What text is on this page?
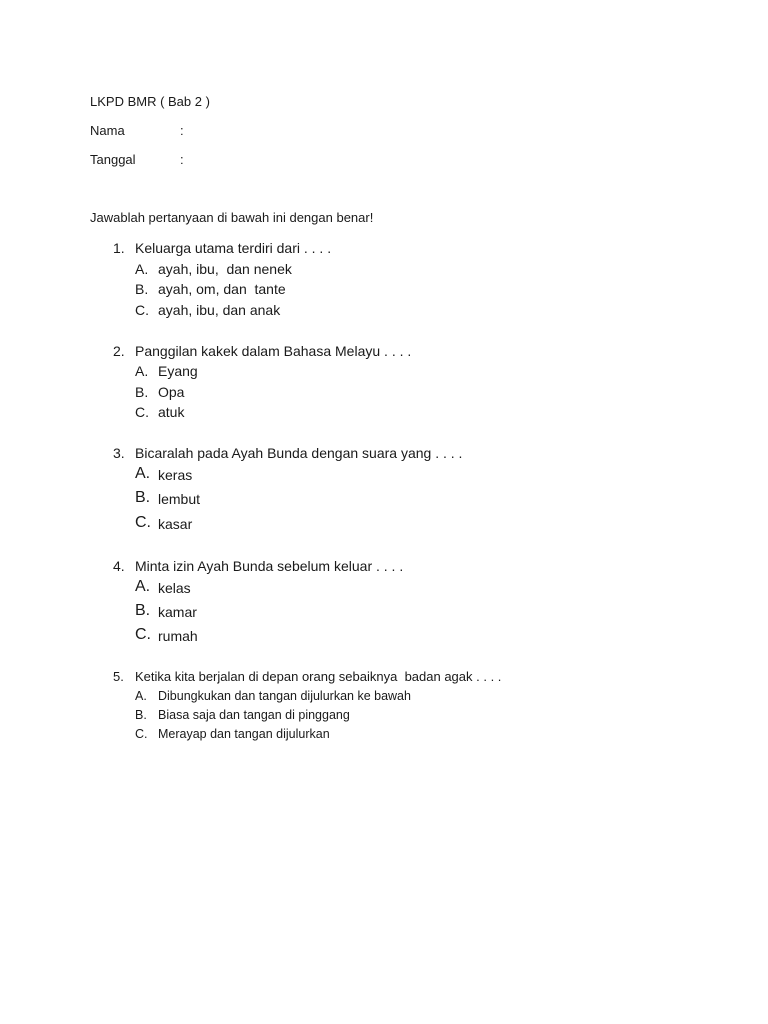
LKPD BMR ( Bab 2 )
Nama	:
Tanggal	:
Jawablah pertanyaan di bawah ini dengan benar!
1. Keluarga utama terdiri dari . . . .
A. ayah, ibu,  dan nenek
B. ayah, om, dan  tante
C. ayah, ibu, dan anak
2. Panggilan kakek dalam Bahasa Melayu . . . .
A. Eyang
B. Opa
C. atuk
3. Bicaralah pada Ayah Bunda dengan suara yang . . . .
A. keras
B. lembut
C. kasar
4. Minta izin Ayah Bunda sebelum keluar . . . .
A. kelas
B. kamar
C. rumah
5. Ketika kita berjalan di depan orang sebaiknya  badan agak . . . .
A. Dibungkukan dan tangan dijulurkan ke bawah
B. Biasa saja dan tangan di pinggang
C. Merayap dan tangan dijulurkan
